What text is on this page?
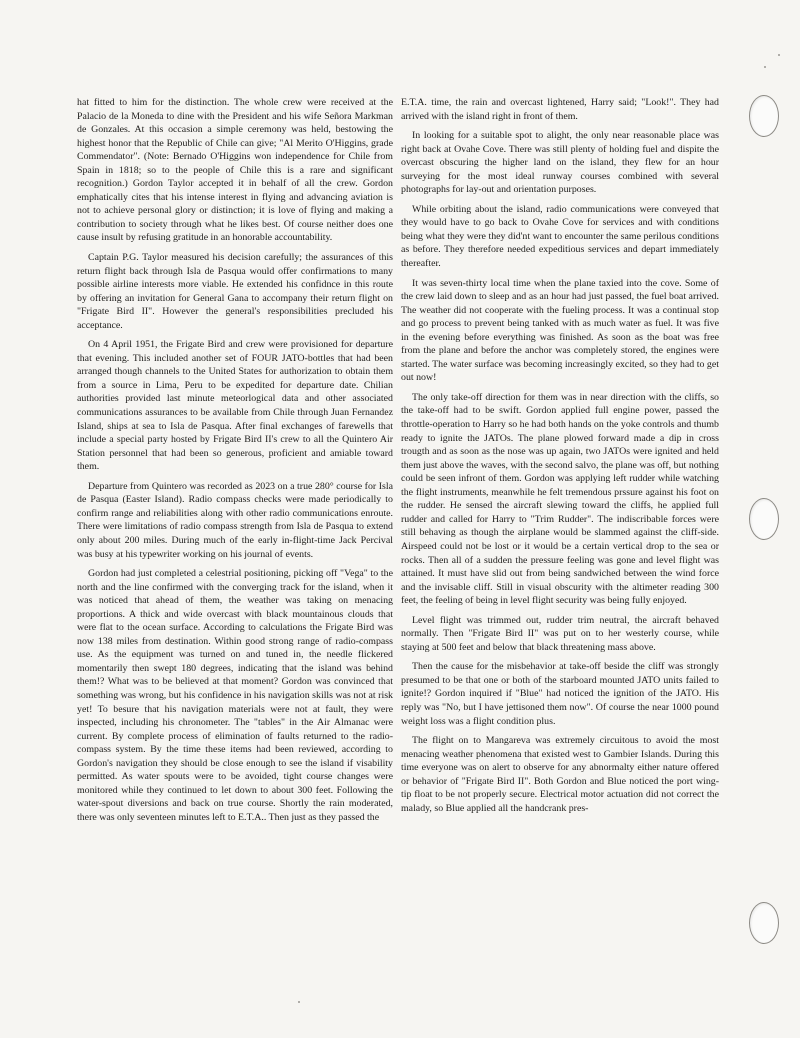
hat fitted to him for the distinction. The whole crew were received at the Palacio de la Moneda to dine with the President and his wife Señora Markman de Gonzales. At this occasion a simple ceremony was held, bestowing the highest honor that the Republic of Chile can give; "Al Merito O'Higgins, grade Commendator". (Note: Bernado O'Higgins won independence for Chile from Spain in 1818; so to the people of Chile this is a rare and significant recognition.) Gordon Taylor accepted it in behalf of all the crew. Gordon emphatically cites that his intense interest in flying and advancing aviation is not to achieve personal glory or distinction; it is love of flying and making a contribution to society through what he likes best. Of course neither does one cause insult by refusing gratitude in an honorable accountability.

Captain P.G. Taylor measured his decision carefully; the assurances of this return flight back through Isla de Pasqua would offer confirmations to many possible airline interests more viable. He extended his confidnce in this route by offering an invitation for General Gana to accompany their return flight on "Frigate Bird II". However the general's responsibilities precluded his acceptance.

On 4 April 1951, the Frigate Bird and crew were provisioned for departure that evening. This included another set of FOUR JATO-bottles that had been arranged though channels to the United States for authorization to obtain them from a source in Lima, Peru to be expedited for departure date. Chilian authorities provided last minute meteorlogical data and other associated communications assurances to be available from Chile through Juan Fernandez Island, ships at sea to Isla de Pasqua. After final exchanges of farewells that include a special party hosted by Frigate Bird II's crew to all the Quintero Air Station personnel that had been so generous, proficient and amiable toward them.

Departure from Quintero was recorded as 2023 on a true 280° course for Isla de Pasqua (Easter Island). Radio compass checks were made periodically to confirm range and reliabilities along with other radio communications enroute. There were limitations of radio compass strength from Isla de Pasqua to extend only about 200 miles. During much of the early in-flight-time Jack Percival was busy at his typewriter working on his journal of events.

Gordon had just completed a celestrial positioning, picking off "Vega" to the north and the line confirmed with the converging track for the island, when it was noticed that ahead of them, the weather was taking on menacing proportions. A thick and wide overcast with black mountainous clouds that were flat to the ocean surface. According to calculations the Frigate Bird was now 138 miles from destination. Within good strong range of radio-compass use. As the equipment was turned on and tuned in, the needle flickered momentarily then swept 180 degrees, indicating that the island was behind them!? What was to be believed at that moment? Gordon was convinced that something was wrong, but his confidence in his navigation skills was not at risk yet! To besure that his navigation materials were not at fault, they were inspected, including his chronometer. The "tables" in the Air Almanac were current. By complete process of elimination of faults returned to the radio-compass system. By the time these items had been reviewed, according to Gordon's navigation they should be close enough to see the island if visability permitted. As water spouts were to be avoided, tight course changes were monitored while they continued to let down to about 300 feet. Following the water-spout diversions and back on true course. Shortly the rain moderated, there was only seventeen minutes left to E.T.A.. Then just as they passed the

E.T.A. time, the rain and overcast lightened, Harry said; "Look!". They had arrived with the island right in front of them.

In looking for a suitable spot to alight, the only near reasonable place was right back at Ovahe Cove. There was still plenty of holding fuel and dispite the overcast obscuring the higher land on the island, they flew for an hour surveying for the most ideal runway courses combined with several photographs for lay-out and orientation purposes.

While orbiting about the island, radio communications were conveyed that they would have to go back to Ovahe Cove for services and with conditions being what they were they did'nt want to encounter the same perilous conditions as before. They therefore needed expeditious services and depart immediately thereafter.

It was seven-thirty local time when the plane taxied into the cove. Some of the crew laid down to sleep and as an hour had just passed, the fuel boat arrived. The weather did not cooperate with the fueling process. It was a continual stop and go process to prevent being tanked with as much water as fuel. It was five in the evening before everything was finished. As soon as the boat was free from the plane and before the anchor was completely stored, the engines were started. The water surface was becoming increasingly excited, so they had to get out now!

The only take-off direction for them was in near direction with the cliffs, so the take-off had to be swift. Gordon applied full engine power, passed the throttle-operation to Harry so he had both hands on the yoke controls and thumb ready to ignite the JATOs. The plane plowed forward made a dip in cross trougth and as soon as the nose was up again, two JATOs were ignited and held them just above the waves, with the second salvo, the plane was off, but nothing could be seen infront of them. Gordon was applying left rudder while watching the flight instruments, meanwhile he felt tremendous prssure against his foot on the rudder. He sensed the aircraft slewing toward the cliffs, he applied full rudder and called for Harry to "Trim Rudder". The indiscribable forces were still behaving as though the airplane would be slammed against the cliff-side. Airspeed could not be lost or it would be a certain vertical drop to the sea or rocks. Then all of a sudden the pressure feeling was gone and level flight was attained. It must have slid out from being sandwiched between the wind force and the invisable cliff. Still in visual obscurity with the altimeter reading 300 feet, the feeling of being in level flight security was being fully enjoyed.

Level flight was trimmed out, rudder trim neutral, the aircraft behaved normally. Then "Frigate Bird II" was put on to her westerly course, while staying at 500 feet and below that black threatening mass above.

Then the cause for the misbehavior at take-off beside the cliff was strongly presumed to be that one or both of the starboard mounted JATO units failed to ignite!? Gordon inquired if "Blue" had noticed the ignition of the JATO. His reply was "No, but I have jettisoned them now". Of course the near 1000 pound weight loss was a flight condition plus.

The flight on to Mangareva was extremely circuitous to avoid the most menacing weather phenomena that existed west to Gambier Islands. During this time everyone was on alert to observe for any abnormalty either nature offered or behavior of "Frigate Bird II". Both Gordon and Blue noticed the port wing-tip float to be not properly secure. Electrical motor actuation did not correct the malady, so Blue applied all the handcrank pres-
